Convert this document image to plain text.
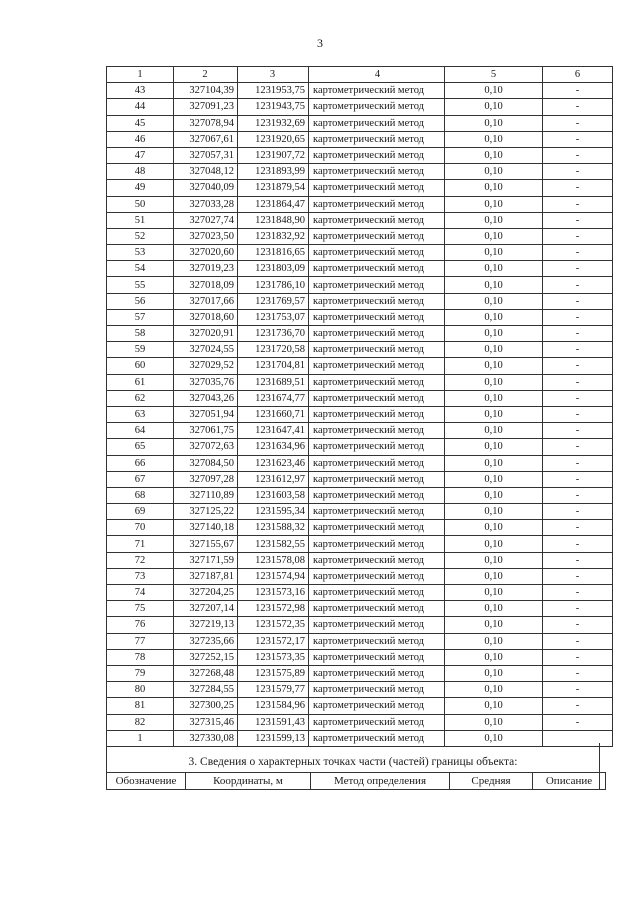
3
1	2	3	4	5	6
43	327104,39	1231953,75	картометрический метод	0,10	-
44	327091,23	1231943,75	картометрический метод	0,10	-
45	327078,94	1231932,69	картометрический метод	0,10	-
46	327067,61	1231920,65	картометрический метод	0,10	-
47	327057,31	1231907,72	картометрический метод	0,10	-
48	327048,12	1231893,99	картометрический метод	0,10	-
49	327040,09	1231879,54	картометрический метод	0,10	-
50	327033,28	1231864,47	картометрический метод	0,10	-
51	327027,74	1231848,90	картометрический метод	0,10	-
52	327023,50	1231832,92	картометрический метод	0,10	-
53	327020,60	1231816,65	картометрический метод	0,10	-
54	327019,23	1231803,09	картометрический метод	0,10	-
55	327018,09	1231786,10	картометрический метод	0,10	-
56	327017,66	1231769,57	картометрический метод	0,10	-
57	327018,60	1231753,07	картометрический метод	0,10	-
58	327020,91	1231736,70	картометрический метод	0,10	-
59	327024,55	1231720,58	картометрический метод	0,10	-
60	327029,52	1231704,81	картометрический метод	0,10	-
61	327035,76	1231689,51	картометрический метод	0,10	-
62	327043,26	1231674,77	картометрический метод	0,10	-
63	327051,94	1231660,71	картометрический метод	0,10	-
64	327061,75	1231647,41	картометрический метод	0,10	-
65	327072,63	1231634,96	картометрический метод	0,10	-
66	327084,50	1231623,46	картометрический метод	0,10	-
67	327097,28	1231612,97	картометрический метод	0,10	-
68	327110,89	1231603,58	картометрический метод	0,10	-
69	327125,22	1231595,34	картометрический метод	0,10	-
70	327140,18	1231588,32	картометрический метод	0,10	-
71	327155,67	1231582,55	картометрический метод	0,10	-
72	327171,59	1231578,08	картометрический метод	0,10	-
73	327187,81	1231574,94	картометрический метод	0,10	-
74	327204,25	1231573,16	картометрический метод	0,10	-
75	327207,14	1231572,98	картометрический метод	0,10	-
76	327219,13	1231572,35	картометрический метод	0,10	-
77	327235,66	1231572,17	картометрический метод	0,10	-
78	327252,15	1231573,35	картометрический метод	0,10	-
79	327268,48	1231575,89	картометрический метод	0,10	-
80	327284,55	1231579,77	картометрический метод	0,10	-
81	327300,25	1231584,96	картометрический метод	0,10	-
82	327315,46	1231591,43	картометрический метод	0,10	-
1	327330,08	1231599,13	картометрический метод	0,10	
3. Сведения о характерных точках части (частей) границы объекта:
Обозначение	Координаты, м	Метод определения	Средняя	Описание
